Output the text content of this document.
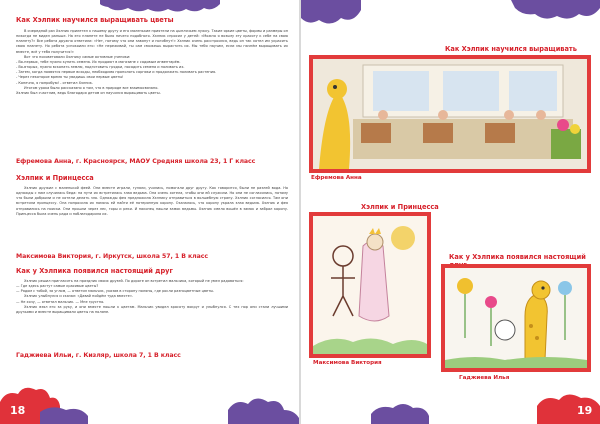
Как Хэлпик научился выращивать цветы

В очередной раз Хэлпик прилетел к нашему другу и его маленькие приятели на цыплячьем лужку. Такие яркие цветы, формы и размеры он никогда не видел раньше. На его планете не было ничего подобного. Хэлпик спросил у детей: «Можно я возьму эту красоту к себе на свою планету?» Все ребята дружно ответили: «Нет, потому что они завянут и погибнут!» Хэлпик очень расстроился, ведь он так хотел им украсить свою планету. Но ребята успокоили его: «Не переживай, ты сам сможешь вырастить их. Мы тебя научим, если мы начнём выращивать их вместе, всё у тебя получится!»

Вот что посоветовали Хэлпику самые активные ученики:

- Во-первых, тебе нужно купить семена. Их продают в магазине с садовым инвентарём.

- Во-вторых, нужно вскопать землю, подготовить грядки, посадить семена и поливать их.

- Затем, когда появятся первые всходы, необходимо прополоть сорняки и продолжать поливать растения.

- Через некоторое время ты увидишь свои первые цветы!

- Конечно, я попробую! - ответил Хэлпик.

Итогом урока было рассказано о том, что в природе все взаимосвязано.

Хэлпик был счастлив, ведь благодаря детям он научился выращивать цветы.

Ефремова Анна, г. Красноярск, МАОУ Средняя школа 23, 1 Г класс
Хэлпик и Принцесса

Хэлпик дружил с маленькой феей. Они вместе играли, гуляли, учились, помогали друг другу. Как говорится, были не разлей вода. Но однажды с ним случилась беда: на пути их встретилась злая ведьма. Она очень хотела, чтобы они ей служили. Но они не согласились, потому что были добрыми и не хотели делать зло. Однажды фея предложила Хэлпику отправиться в волшебную страну. Хэлпик согласился. Там они встретили принцессу. Она попросила их помочь ей найти её потерянную корону. Оказалось, что корону украла злая ведьма. Хэлпик и фея отправились на поиски. Они прошли через лес, горы и реки. И наконец нашли замок ведьмы. Хэлпик смело вошёл в замок и забрал корону. Принцесса была очень рада и поблагодарила их.

Максимова Виктория, г. Иркутск, школа 57, 1 В класс
Как у Хэлпика появился настоящий друг

Хэлпик решил пригласить на праздник своих друзей. По дороге он встретил мальчика, который не умел радоваться:

— Где здесь растут самые красивые цветы?

— Рядом с тобой, за углом, — ответил мальчик, указав в сторону поляны, где росли разноцветные цветы.

Хэлпик улыбнулся и сказал: «Давай пойдём туда вместе».

— Не хочу, — ответил мальчик. — Мне грустно.

Хэлпик взял его за руку, и они вместе пошли к цветам. Мальчик увидел красоту вокруг и улыбнулся. С тех пор они стали лучшими друзьями и вместе выращивали цветы на поляне.

Гаджиева Ильи, г. Кизляр, школа 7, 1 В класс
18
Как Хэлпик научился выращивать
Ефремова Анна
Хэлпик и Принцесса
Максимова Виктория
Как у Хэлпика появился настоящий
Гаджиева Илья
19
